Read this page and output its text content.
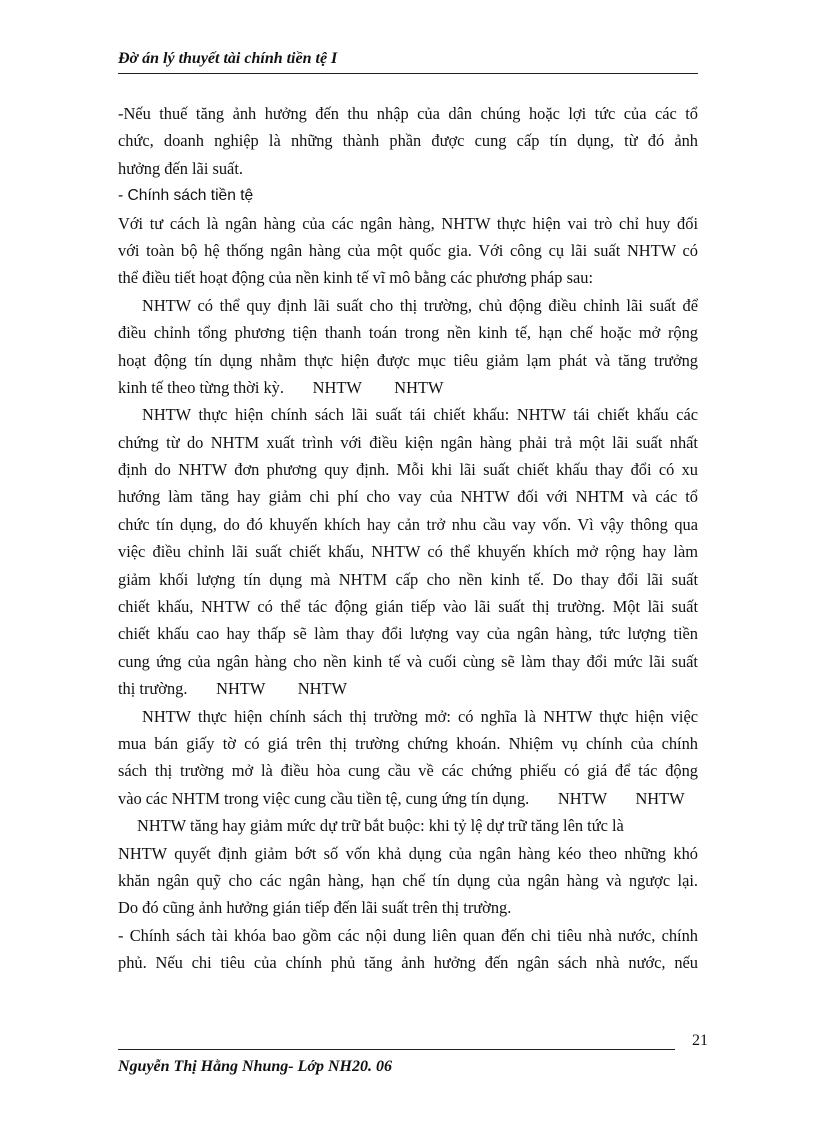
Đờ án lý thuyết tài chính tiền tệ I
-Nếu thuế tăng ảnh hưởng đến thu nhập của dân chúng hoặc lợi tức của các tổ
chức, doanh nghiệp là những thành phần được cung cấp tín dụng, từ đó ảnh
hưởng đến lãi suất.
- Chính sách tiền tệ
Với tư cách là ngân hàng của các ngân hàng, NHTW thực hiện vai trò chỉ huy đối
với toàn bộ hệ thống ngân hàng của một quốc gia. Với công cụ lãi suất NHTW có
thể điều tiết hoạt động của nền kinh tế vĩ mô bằng các phương pháp sau:
NHTW có thể quy định lãi suất cho thị trường, chủ động điều chỉnh lãi suất để
điều chỉnh tổng phương tiện thanh toán trong nền kinh tế, hạn chế hoặc mở rộng
hoạt động tín dụng nhằm thực hiện được mục tiêu giảm lạm phát và tăng trưởng
kinh tế theo từng thời kỳ.       NHTW        NHTW
NHTW thực hiện chính sách lãi suất tái chiết khấu: NHTW tái chiết khấu các
chứng từ do NHTM xuất trình với điều kiện ngân hàng phải trả một lãi suất nhất
định do NHTW đơn phương quy định. Mỗi khi lãi suất chiết khấu thay đổi có xu
hướng làm tăng hay giảm chi phí cho vay của NHTW đối với NHTM và các tổ
chức tín dụng, do đó khuyến khích hay cản trở nhu cầu vay vốn. Vì vậy thông qua
việc điều chỉnh lãi suất chiết khấu, NHTW có thể khuyến khích mở rộng hay làm
giảm khối lượng tín dụng mà NHTM cấp cho nền kinh tế. Do thay đổi lãi suất
chiết khấu, NHTW có thể tác động gián tiếp vào lãi suất thị trường. Một lãi suất
chiết khấu cao hay thấp sẽ làm thay đổi lượng vay của ngân hàng, tức lượng tiền
cung ứng của ngân hàng cho nền kinh tế và cuối cùng sẽ làm thay đổi mức lãi suất
thị trường.       NHTW        NHTW
NHTW thực hiện chính sách thị trường mở: có nghĩa là NHTW thực hiện việc
mua bán giấy tờ có giá trên thị trường chứng khoán. Nhiệm vụ chính của chính
sách thị trường mở là điều hòa cung cầu về các chứng phiếu có giá để tác động
vào các NHTM trong việc cung cầu tiền tệ, cung ứng tín dụng.       NHTW       NHTW
NHTW tăng hay giảm mức dự trữ bắt buộc: khi tỷ lệ dự trữ tăng lên tức là
NHTW quyết định giảm bớt số vốn khả dụng của ngân hàng kéo theo những khó
khăn ngân quỹ cho các ngân hàng, hạn chế tín dụng của ngân hàng và ngược lại.
Do đó cũng ảnh hưởng gián tiếp đến lãi suất trên thị trường.
- Chính sách tài khóa bao gồm các nội dung liên quan đến chi tiêu nhà nước, chính
phủ. Nếu chi tiêu của chính phủ tăng ảnh hưởng đến ngân sách nhà nước, nếu
21
Nguyễn Thị Hằng Nhung- Lớp NH20. 06
